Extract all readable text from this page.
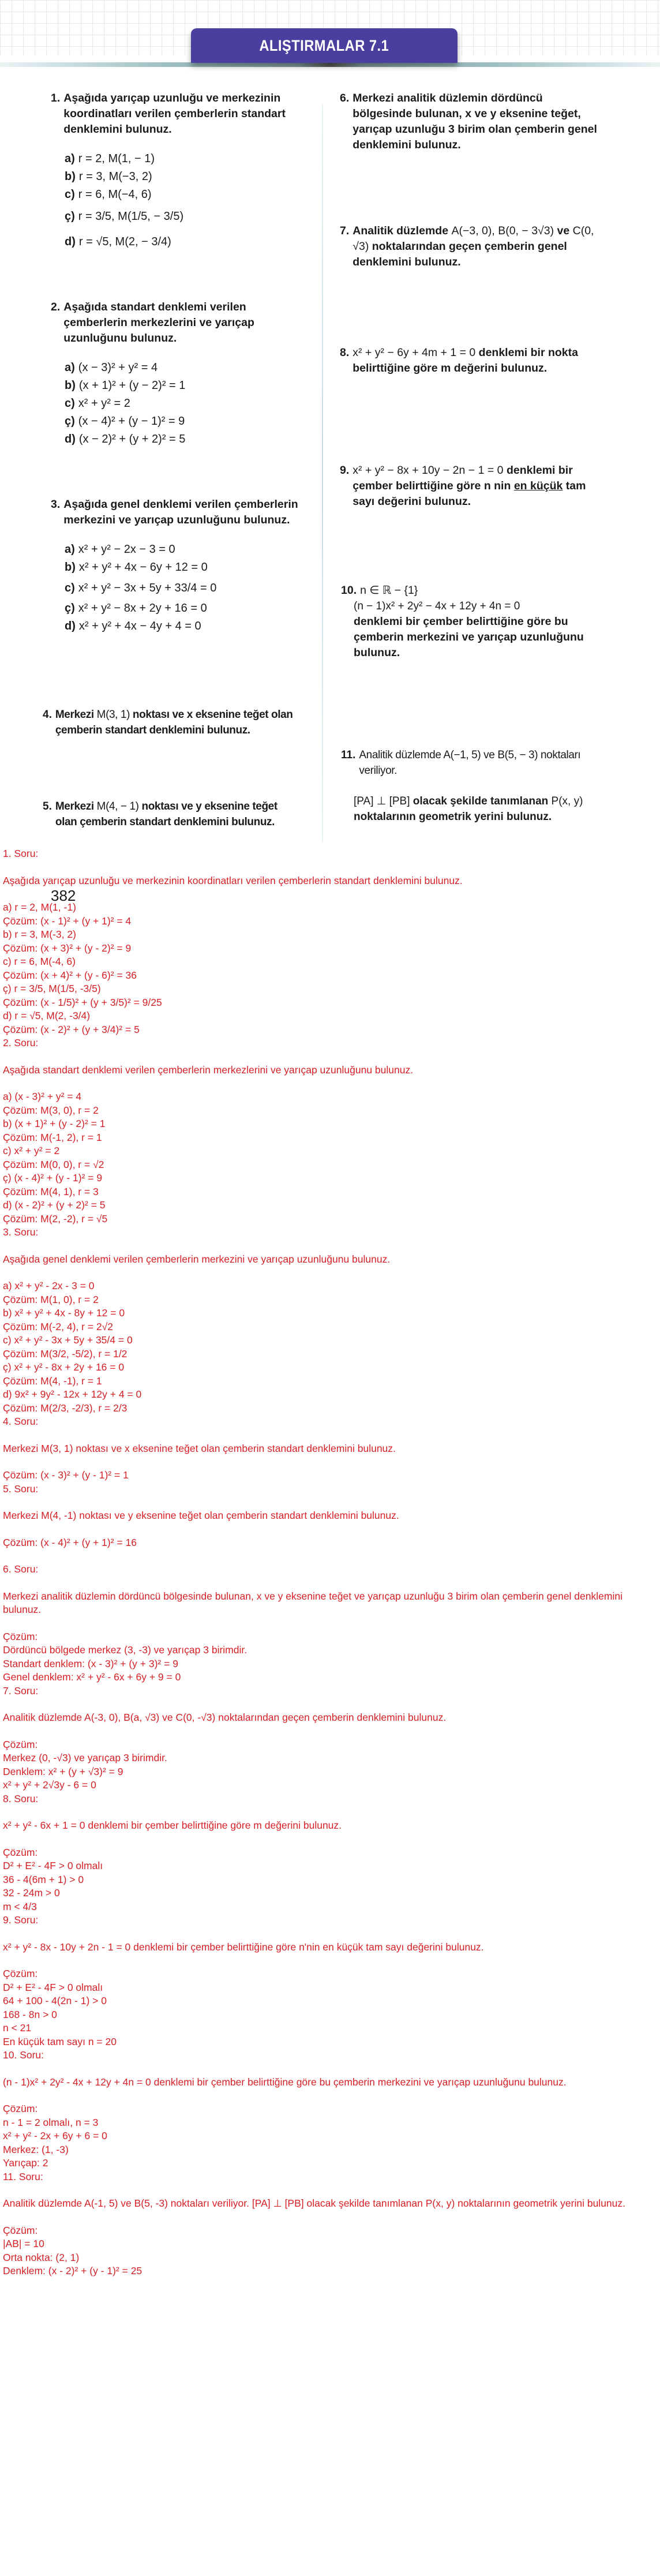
ALIŞTIRMALAR 7.1
1. Aşağıda yarıçap uzunluğu ve merkezinin koordinatları verilen çemberlerin standart denklemini bulunuz.
a) r = 2, M(1, − 1)
b) r = 3, M(−3, 2)
c) r = 6, M(−4, 6)
ç) r = 3/5, M(1/5, − 3/5)
d) r = √5, M(2, − 3/4)
2. Aşağıda standart denklemi verilen çemberlerin merkezlerini ve yarıçap uzunluğunu bulunuz.
a) (x − 3)² + y² = 4
b) (x + 1)² + (y − 2)² = 1
c) x² + y² = 2
ç) (x − 4)² + (y − 1)² = 9
d) (x − 2)² + (y + 2)² = 5
3. Aşağıda genel denklemi verilen çemberlerin merkezini ve yarıçap uzunluğunu bulunuz.
a) x² + y² − 2x − 3 = 0
b) x² + y² + 4x − 6y + 12 = 0
c) x² + y² − 3x + 5y + 33/4 = 0
ç) x² + y² − 8x + 2y + 16 = 0
d) x² + y² + 4x − 4y + 4 = 0
4. Merkezi M(3, 1) noktası ve x eksenine teğet olan çemberin standart denklemini bulunuz.
5. Merkezi M(4, − 1) noktası ve y eksenine teğet olan çemberin standart denklemini bulunuz.
6. Merkezi analitik düzlemin dördüncü bölgesinde bulunan, x ve y eksenine teğet, yarıçap uzunluğu 3 birim olan çemberin genel denklemini bulunuz.
7. Analitik düzlemde A(−3, 0), B(0, − 3√3) ve C(0, √3) noktalarından geçen çemberin genel denklemini bulunuz.
8. x² + y² − 6y + 4m + 1 = 0 denklemi bir nokta belirttiğine göre m değerini bulunuz.
9. x² + y² − 8x + 10y − 2n − 1 = 0 denklemi bir çember belirttiğine göre n nin en küçük tam sayı değerini bulunuz.
10. n ∈ ℝ − {1}
(n − 1)x² + 2y² − 4x + 12y + 4n = 0
denklemi bir çember belirttiğine göre bu çemberin merkezini ve yarıçap uzunluğunu bulunuz.
11. Analitik düzlemde A(−1, 5) ve B(5, − 3) noktaları veriliyor.
[PA] ⊥ [PB] olacak şekilde tanımlanan P(x, y) noktalarının geometrik yerini bulunuz.
1. Soru:
Aşağıda yarıçap uzunluğu ve merkezinin koordinatları verilen çemberlerin standart denklemini bulunuz.
a) r = 2, M(1, -1)
Çözüm: (x - 1)² + (y + 1)² = 4
b) r = 3, M(-3, 2)
Çözüm: (x + 3)² + (y - 2)² = 9
c) r = 6, M(-4, 6)
Çözüm: (x + 4)² + (y - 6)² = 36
ç) r = 3/5, M(1/5, -3/5)
Çözüm: (x - 1/5)² + (y + 3/5)² = 9/25
d) r = √5, M(2, -3/4)
Çözüm: (x - 2)² + (y + 3/4)² = 5
2. Soru:
Aşağıda standart denklemi verilen çemberlerin merkezlerini ve yarıçap uzunluğunu bulunuz.
a) (x - 3)² + y² = 4
Çözüm: M(3, 0), r = 2
b) (x + 1)² + (y - 2)² = 1
Çözüm: M(-1, 2), r = 1
c) x² + y² = 2
Çözüm: M(0, 0), r = √2
ç) (x - 4)² + (y - 1)² = 9
Çözüm: M(4, 1), r = 3
d) (x - 2)² + (y + 2)² = 5
Çözüm: M(2, -2), r = √5
3. Soru:
Aşağıda genel denklemi verilen çemberlerin merkezini ve yarıçap uzunluğunu bulunuz.
a) x² + y² - 2x - 3 = 0
Çözüm: M(1, 0), r = 2
b) x² + y² + 4x - 8y + 12 = 0
Çözüm: M(-2, 4), r = 2√2
c) x² + y² - 3x + 5y + 35/4 = 0
Çözüm: M(3/2, -5/2), r = 1/2
ç) x² + y² - 8x + 2y + 16 = 0
Çözüm: M(4, -1), r = 1
d) 9x² + 9y² - 12x + 12y + 4 = 0
Çözüm: M(2/3, -2/3), r = 2/3
4. Soru:
Merkezi M(3, 1) noktası ve x eksenine teğet olan çemberin standart denklemini bulunuz.
Çözüm: (x - 3)² + (y - 1)² = 1
5. Soru:
Merkezi M(4, -1) noktası ve y eksenine teğet olan çemberin standart denklemini bulunuz.
Çözüm: (x - 4)² + (y + 1)² = 16
6. Soru:
Merkezi analitik düzlemin dördüncü bölgesinde bulunan, x ve y eksenine teğet ve yarıçap uzunluğu 3 birim olan çemberin genel denklemini bulunuz.
Çözüm:
Dördüncü bölgede merkez (3, -3) ve yarıçap 3 birimdir.
Standart denklem: (x - 3)² + (y + 3)² = 9
Genel denklem: x² + y² - 6x + 6y + 9 = 0
7. Soru:
Analitik düzlemde A(-3, 0), B(a, √3) ve C(0, -√3) noktalarından geçen çemberin denklemini bulunuz.
Çözüm:
Merkez (0, -√3) ve yarıçap 3 birimdir.
Denklem: x² + (y + √3)² = 9
x² + y² + 2√3y - 6 = 0
8. Soru:
x² + y² - 6x + 1 = 0 denklemi bir çember belirttiğine göre m değerini bulunuz.
Çözüm:
D² + E² - 4F > 0 olmalı
36 - 4(6m + 1) > 0
32 - 24m > 0
m < 4/3
9. Soru:
x² + y² - 8x - 10y + 2n - 1 = 0 denklemi bir çember belirttiğine göre n'nin en küçük tam sayı değerini bulunuz.
Çözüm:
D² + E² - 4F > 0 olmalı
64 + 100 - 4(2n - 1) > 0
168 - 8n > 0
n < 21
En küçük tam sayı n = 20
10. Soru:
(n - 1)x² + 2y² - 4x + 12y + 4n = 0 denklemi bir çember belirttiğine göre bu çemberin merkezini ve yarıçap uzunluğunu bulunuz.
Çözüm:
n - 1 = 2 olmalı, n = 3
x² + y² - 2x + 6y + 6 = 0
Merkez: (1, -3)
Yarıçap: 2
11. Soru:
Analitik düzlemde A(-1, 5) ve B(5, -3) noktaları veriliyor. [PA] ⊥ [PB] olacak şekilde tanımlanan P(x, y) noktalarının geometrik yerini bulunuz.
Çözüm:
|AB| = 10
Orta nokta: (2, 1)
Denklem: (x - 2)² + (y - 1)² = 25
382
